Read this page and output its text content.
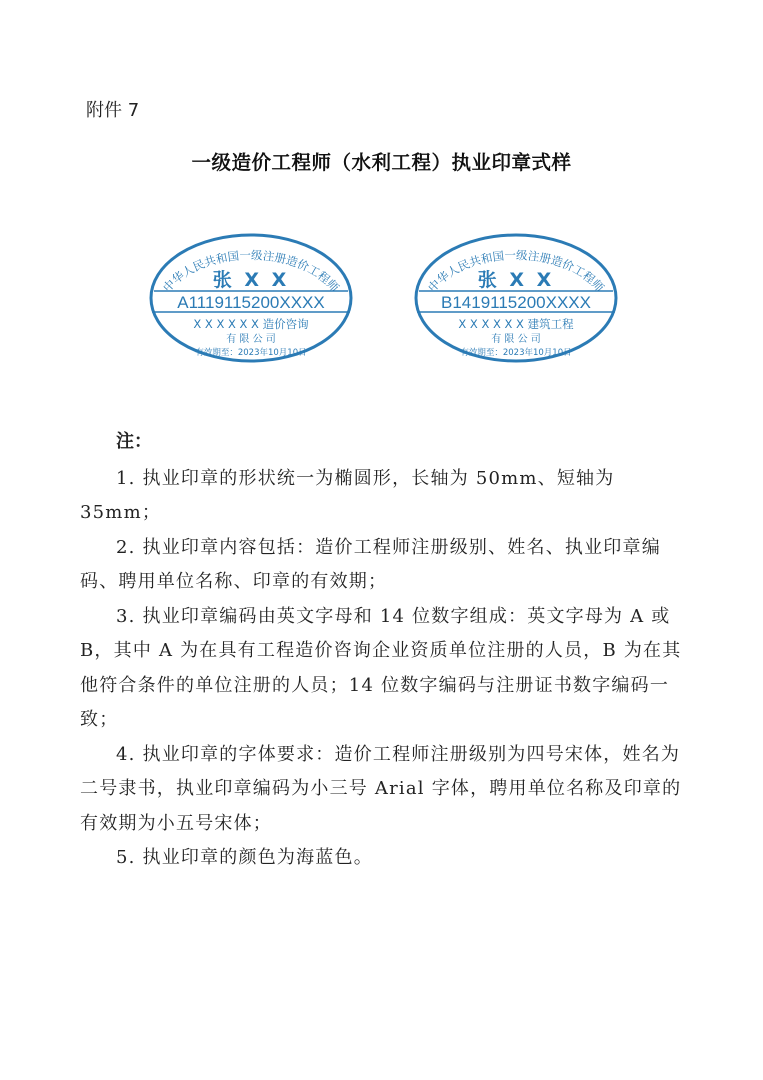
附件 7
一级造价工程师（水利工程）执业印章式样
中华人民共和国一级注册造价工程师
张 X X
A1119115200XXXX
X X X X X X 造价咨询
有 限 公 司
有效期至：2023年10月10日
中华人民共和国一级注册造价工程师
张 X X
B1419115200XXXX
X X X X X X 建筑工程
有 限 公 司
有效期至：2023年10月10日
注：
1. 执业印章的形状统一为椭圆形，长轴为 50mm、短轴为 35mm；
2. 执业印章内容包括：造价工程师注册级别、姓名、执业印章编码、聘用单位名称、印章的有效期；
3. 执业印章编码由英文字母和 14 位数字组成：英文字母为 A 或 B，其中 A 为在具有工程造价咨询企业资质单位注册的人员，B 为在其他符合条件的单位注册的人员；14 位数字编码与注册证书数字编码一致；
4. 执业印章的字体要求：造价工程师注册级别为四号宋体，姓名为二号隶书，执业印章编码为小三号 Arial 字体，聘用单位名称及印章的有效期为小五号宋体；
5. 执业印章的颜色为海蓝色。
